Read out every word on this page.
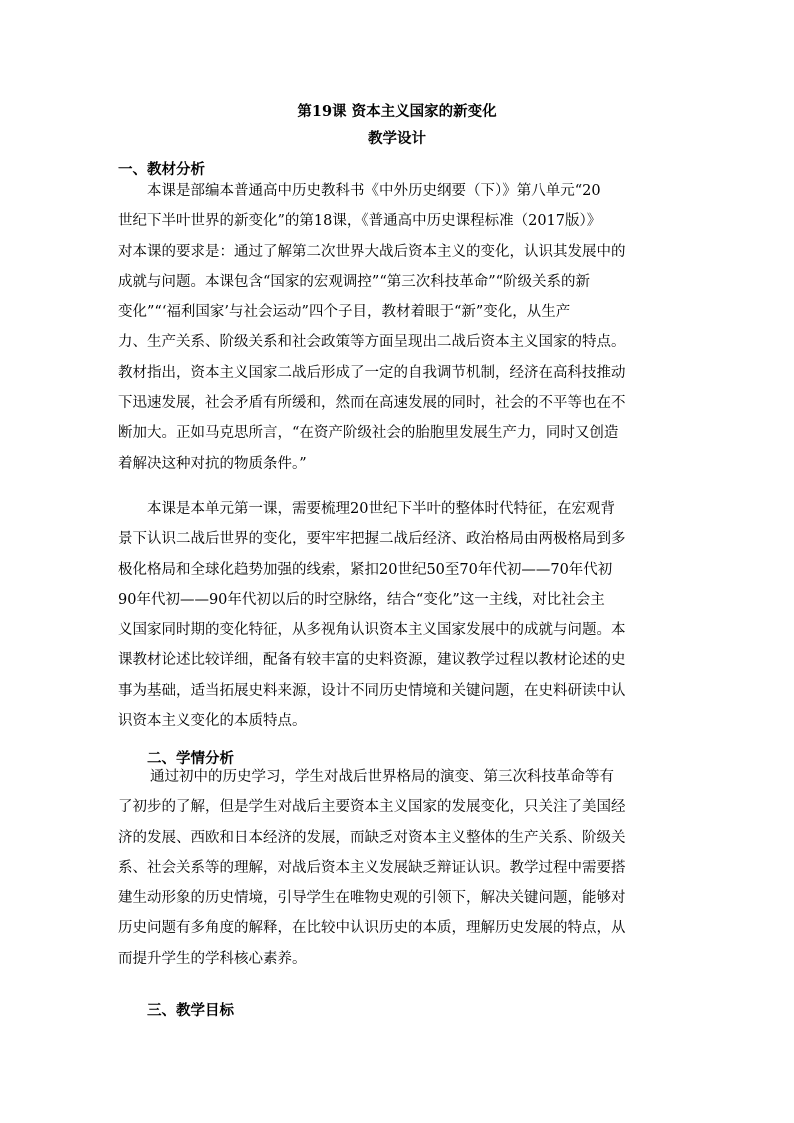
第19课 资本主义国家的新变化
教学设计
一、教材分析
本课是部编本普通高中历史教科书《中外历史纲要（下）》第八单元“20
世纪下半叶世界的新变化”的第18课，《普通高中历史课程标准（2017版）》
对本课的要求是：通过了解第二次世界大战后资本主义的变化，认识其发展中的
成就与问题。本课包含“国家的宏观调控”“第三次科技革命”“阶级关系的新
变化”“‘福利国家’与社会运动”四个子目，教材着眼于“新”变化，从生产
力、生产关系、阶级关系和社会政策等方面呈现出二战后资本主义国家的特点。
教材指出，资本主义国家二战后形成了一定的自我调节机制，经济在高科技推动
下迅速发展，社会矛盾有所缓和，然而在高速发展的同时，社会的不平等也在不
断加大。正如马克思所言，“在资产阶级社会的胎胞里发展生产力，同时又创造
着解决这种对抗的物质条件。”
本课是本单元第一课，需要梳理20世纪下半叶的整体时代特征，在宏观背
景下认识二战后世界的变化，要牢牢把握二战后经济、政治格局由两极格局到多
极化格局和全球化趋势加强的线索，紧扣20世纪50至70年代初——70年代初
90年代初——90年代初以后的时空脉络，结合“变化”这一主线，对比社会主
义国家同时期的变化特征，从多视角认识资本主义国家发展中的成就与问题。本
课教材论述比较详细，配备有较丰富的史料资源，建议教学过程以教材论述的史
事为基础，适当拓展史料来源，设计不同历史情境和关键问题，在史料研读中认
识资本主义变化的本质特点。
二、学情分析
通过初中的历史学习，学生对战后世界格局的演变、第三次科技革命等有
了初步的了解，但是学生对战后主要资本主义国家的发展变化，只关注了美国经
济的发展、西欧和日本经济的发展，而缺乏对资本主义整体的生产关系、阶级关
系、社会关系等的理解，对战后资本主义发展缺乏辩证认识。教学过程中需要搭
建生动形象的历史情境，引导学生在唯物史观的引领下，解决关键问题，能够对
历史问题有多角度的解释，在比较中认识历史的本质，理解历史发展的特点，从
而提升学生的学科核心素养。
三、教学目标
